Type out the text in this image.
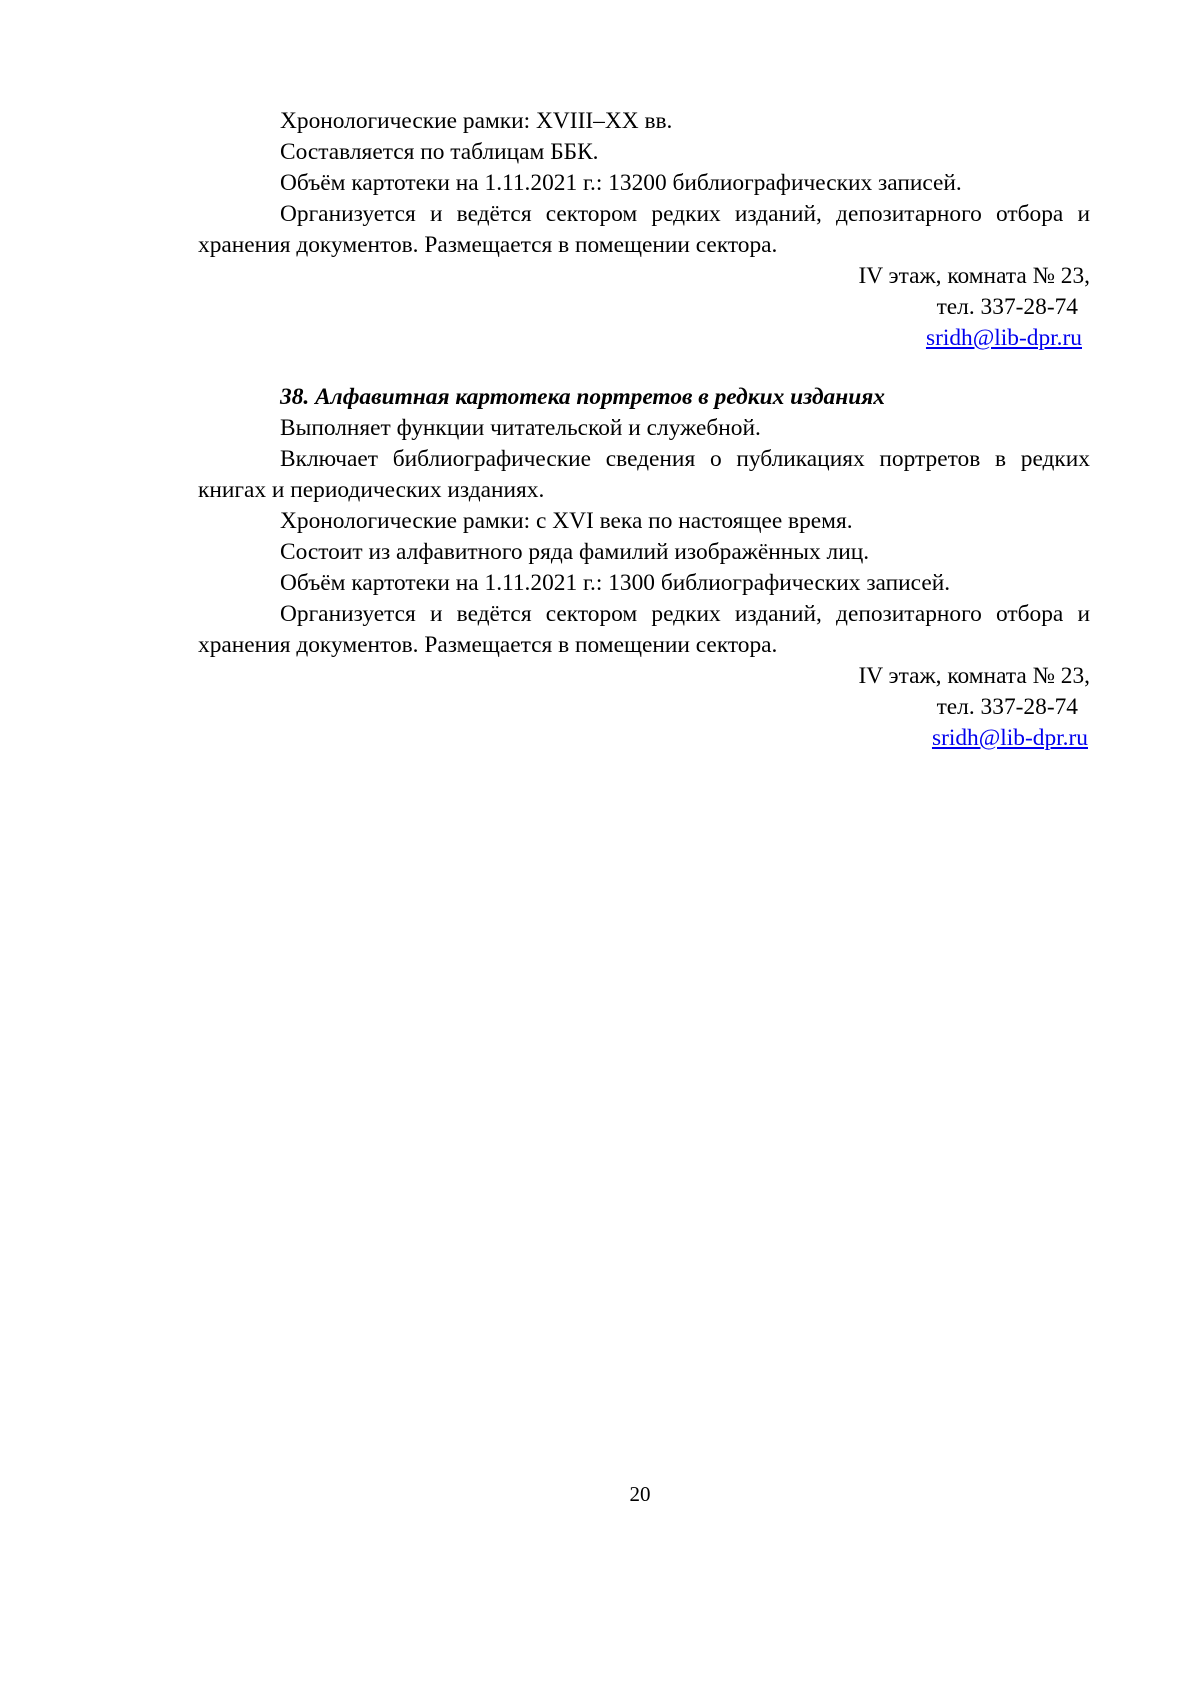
Хронологические рамки: XVIII–XX вв.

Составляется по таблицам ББК.

Объём картотеки на 1.11.2021 г.: 13200 библиографических записей.

Организуется и ведётся сектором редких изданий, депозитарного отбора и хранения документов. Размещается в помещении сектора.

IV этаж, комната № 23,

тел. 337-28-74

sridh@lib-dpr.ru

38. Алфавитная картотека портретов в редких изданиях

Выполняет функции читательской и служебной.

Включает библиографические сведения о публикациях портретов в редких книгах и периодических изданиях.

Хронологические рамки: с XVI века по настоящее время.

Состоит из алфавитного ряда фамилий изображённых лиц.

Объём картотеки на 1.11.2021 г.: 1300 библиографических записей.

Организуется и ведётся сектором редких изданий, депозитарного отбора и хранения документов. Размещается в помещении сектора.

IV этаж, комната № 23,

тел. 337-28-74

sridh@lib-dpr.ru

20
